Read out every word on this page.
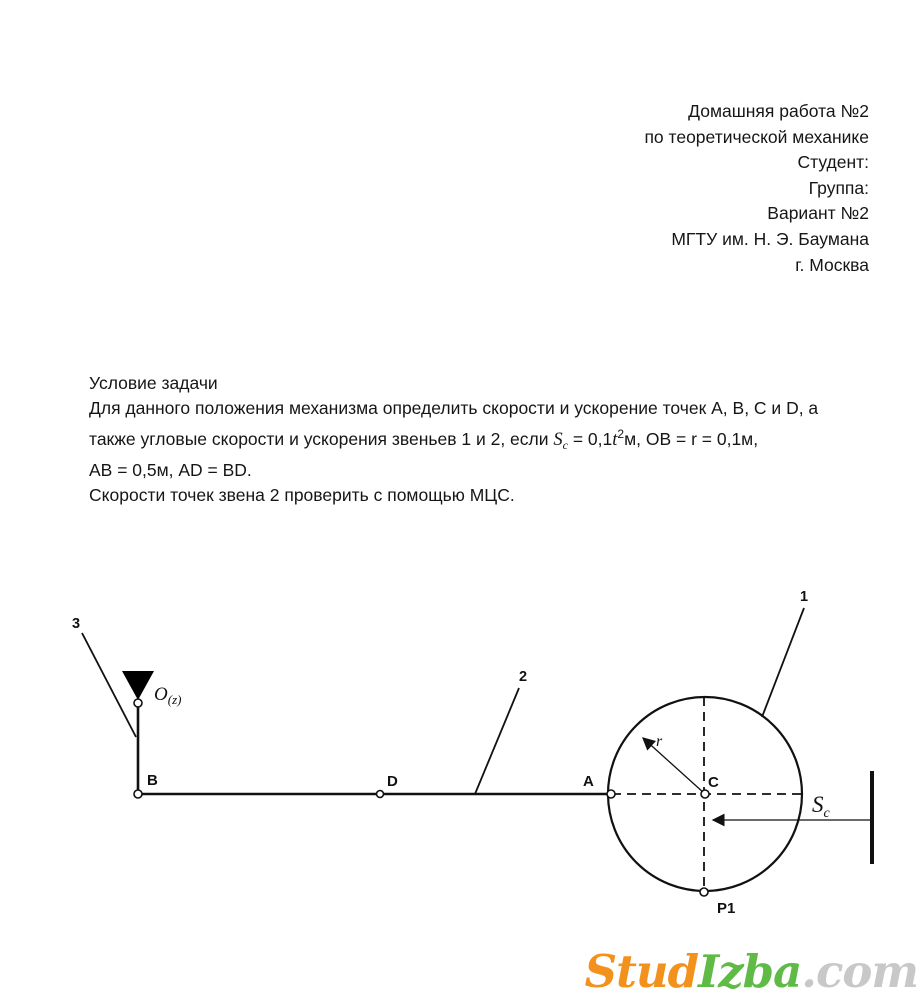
Домашняя работа №2
по теоретической механике
Студент:
Группа:
Вариант №2
МГТУ им. Н. Э. Баумана
г. Москва
Условие задачи
Для данного положения механизма определить скорости и ускорение точек A, B, C и D, а
также угловые скорости и ускорения звеньев 1 и 2, если $S_c = 0,1t^2м$, OB = r = 0,1м,
AB = 0,5м, AD = BD.
Скорости точек звена 2 проверить с помощью МЦС.
3
2
1
$O_{(z)}$
B	D	A	C
P1
r
$S_c$
StudIzba.com
